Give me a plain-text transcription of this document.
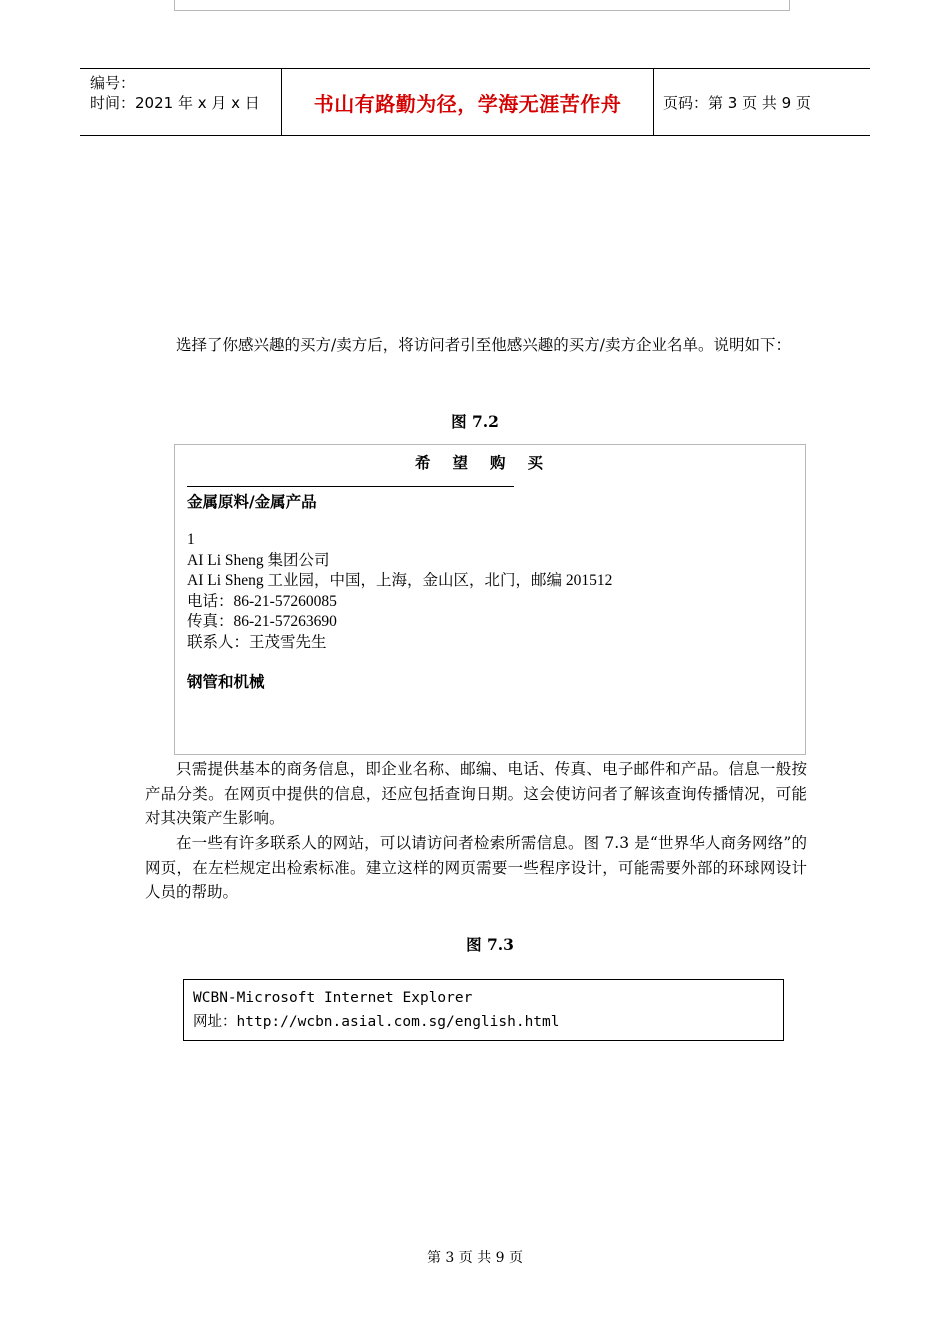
编号：
时间：2021 年 x 月 x 日	书山有路勤为径，学海无涯苦作舟	页码：第 3 页 共 9 页
选择了你感兴趣的买方/卖方后，将访问者引至他感兴趣的买方/卖方企业名单。说明如下：
图 7.2
希望购买
金属原料/金属产品
1
AI Li Sheng 集团公司
AI Li Sheng 工业园，中国，上海，金山区，北门，邮编 201512
电话：86-21-57260085
传真：86-21-57263690
联系人：王茂雪先生
钢管和机械
只需提供基本的商务信息，即企业名称、邮编、电话、传真、电子邮件和产品。信息一般按产品分类。在网页中提供的信息，还应包括查询日期。这会使访问者了解该查询传播情况，可能对其决策产生影响。
在一些有许多联系人的网站，可以请访问者检索所需信息。图 7.3 是“世界华人商务网络”的网页，在左栏规定出检索标准。建立这样的网页需要一些程序设计，可能需要外部的环球网设计人员的帮助。
图 7.3
WCBN-Microsoft Internet Explorer
网址：http://wcbn.asial.com.sg/english.html
第 3 页 共 9 页
